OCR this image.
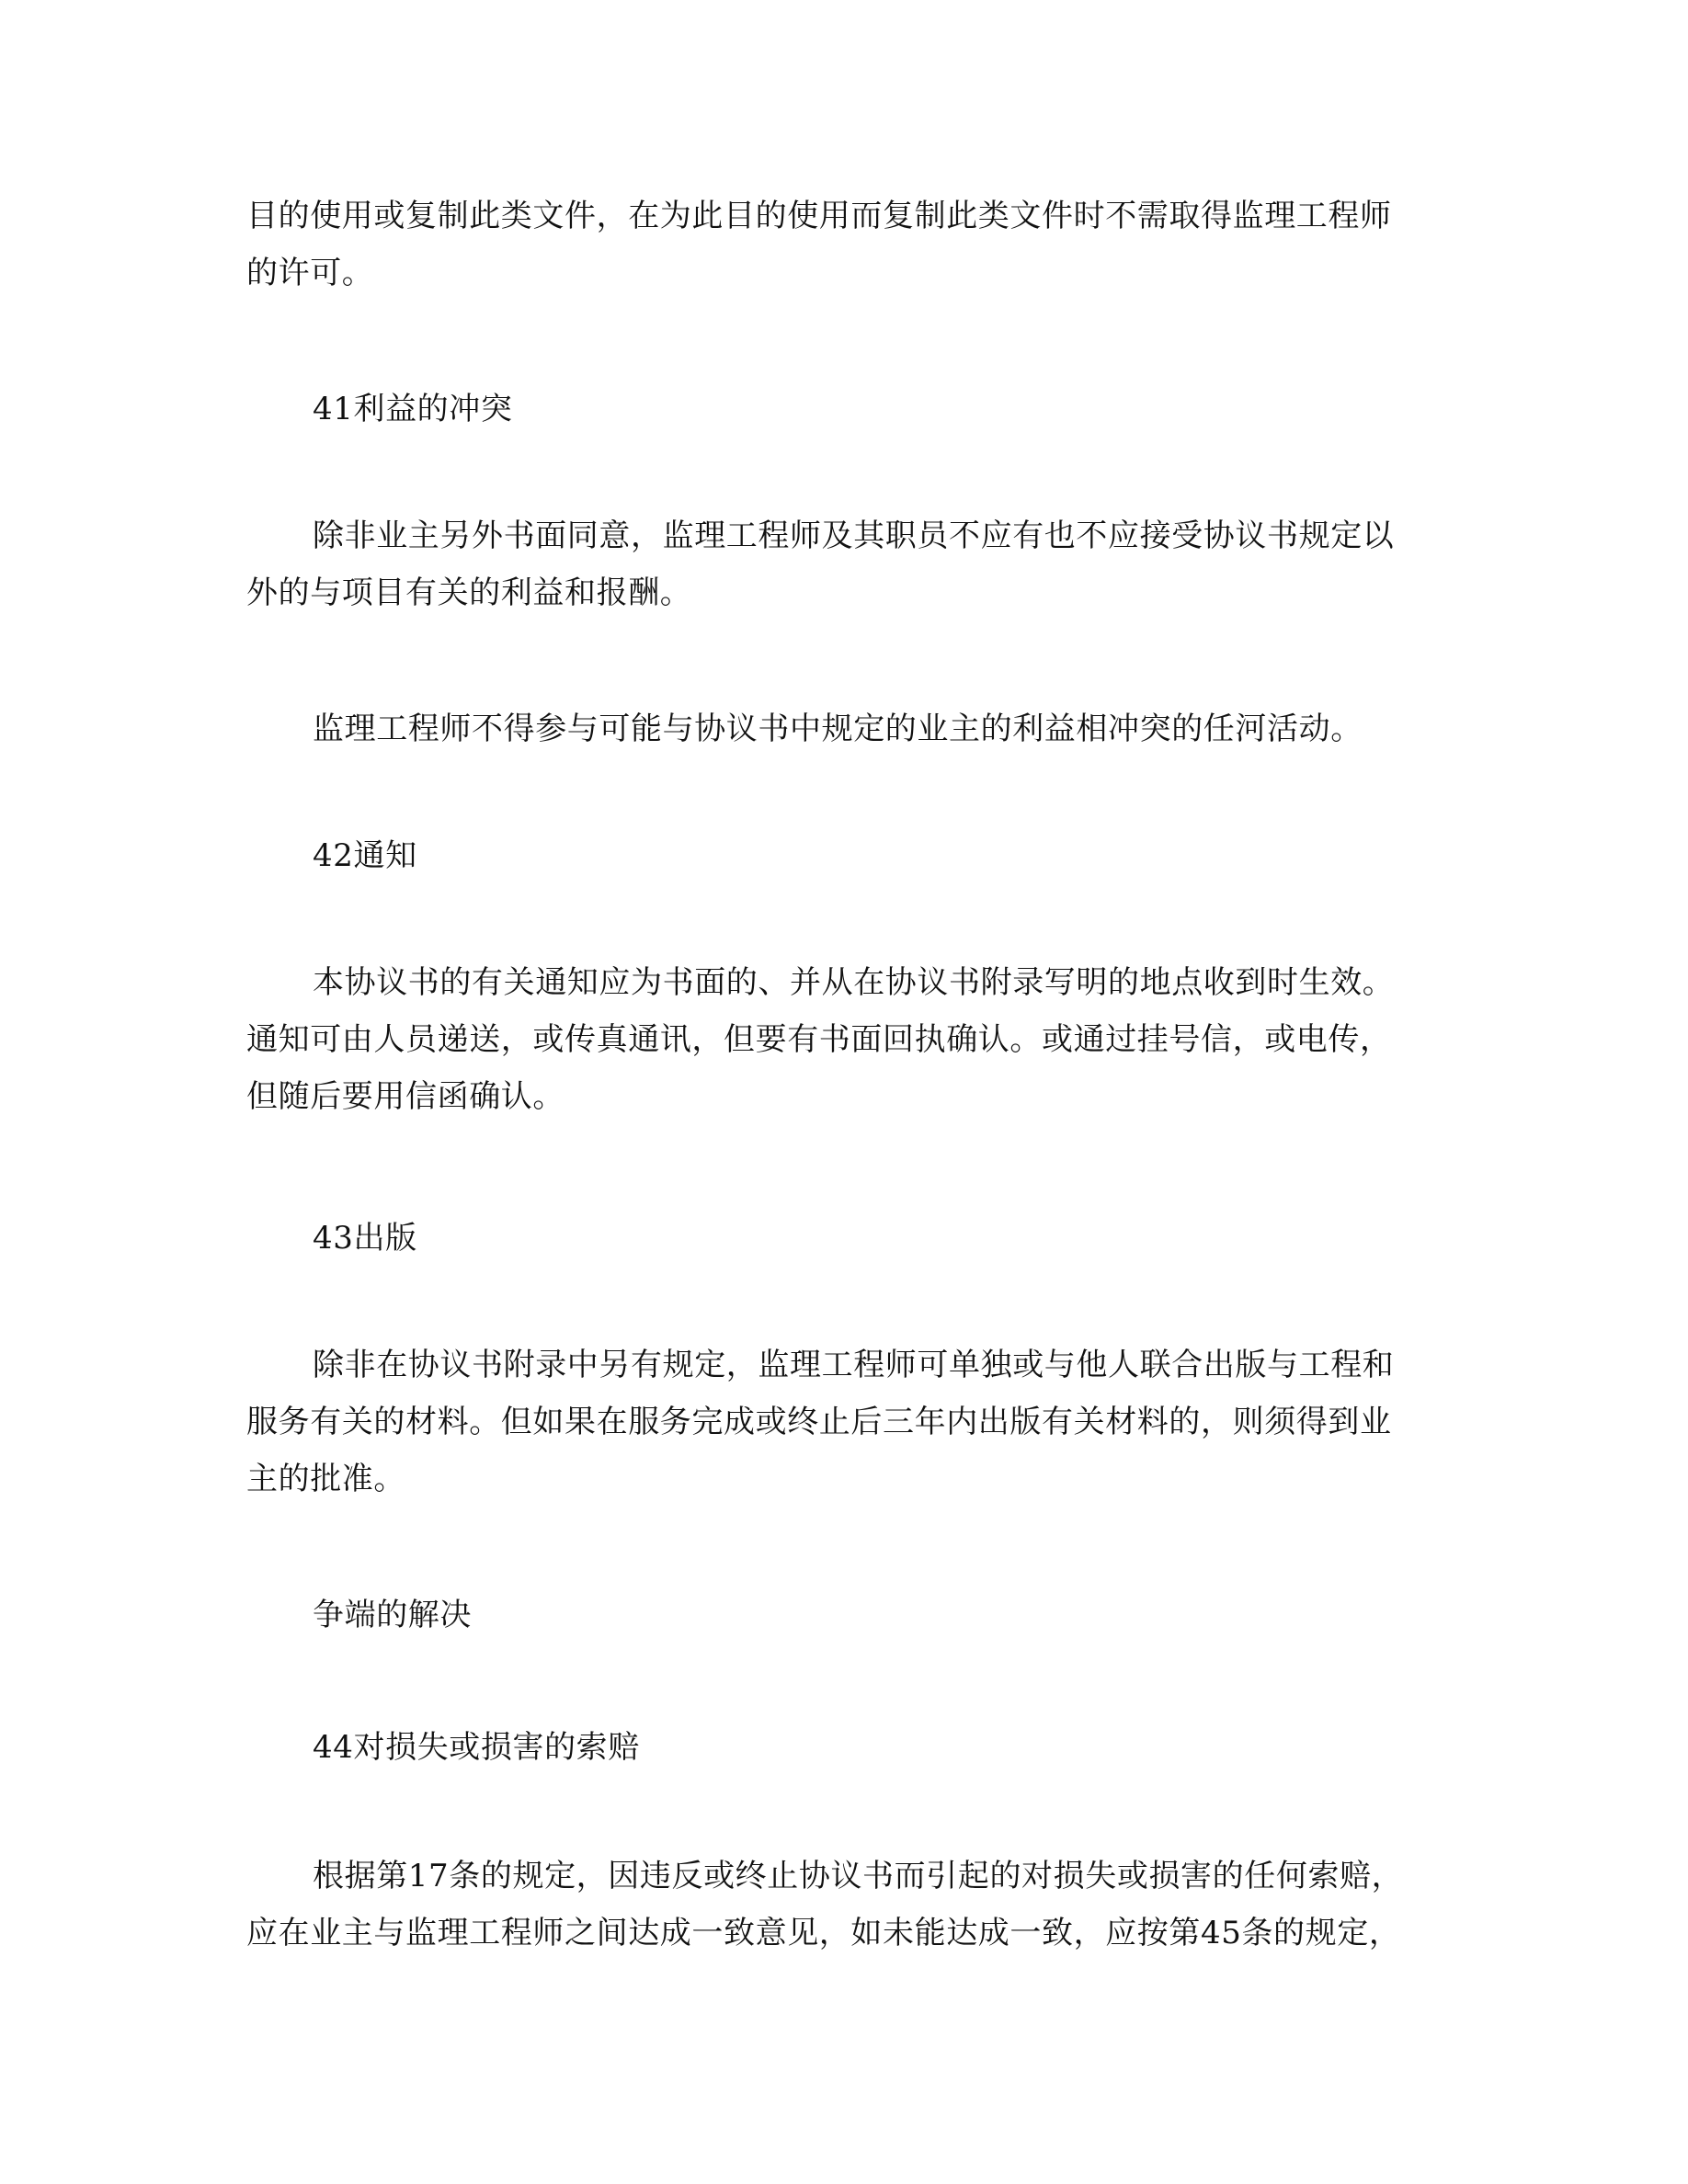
目的使用或复制此类文件，在为此目的使用而复制此类文件时不需取得监理工程师

的许可。

41利益的冲突

除非业主另外书面同意，监理工程师及其职员不应有也不应接受协议书规定以

外的与项目有关的利益和报酬。

监理工程师不得参与可能与协议书中规定的业主的利益相冲突的任河活动。

42通知

本协议书的有关通知应为书面的、并从在协议书附录写明的地点收到时生效。

通知可由人员递送，或传真通讯，但要有书面回执确认。或通过挂号信，或电传，

但随后要用信函确认。

43出版

除非在协议书附录中另有规定，监理工程师可单独或与他人联合出版与工程和

服务有关的材料。但如果在服务完成或终止后三年内出版有关材料的，则须得到业

主的批准。

争端的解决

44对损失或损害的索赔

根据第17条的规定，因违反或终止协议书而引起的对损失或损害的任何索赔，

应在业主与监理工程师之间达成一致意见，如未能达成一致，应按第45条的规定，
